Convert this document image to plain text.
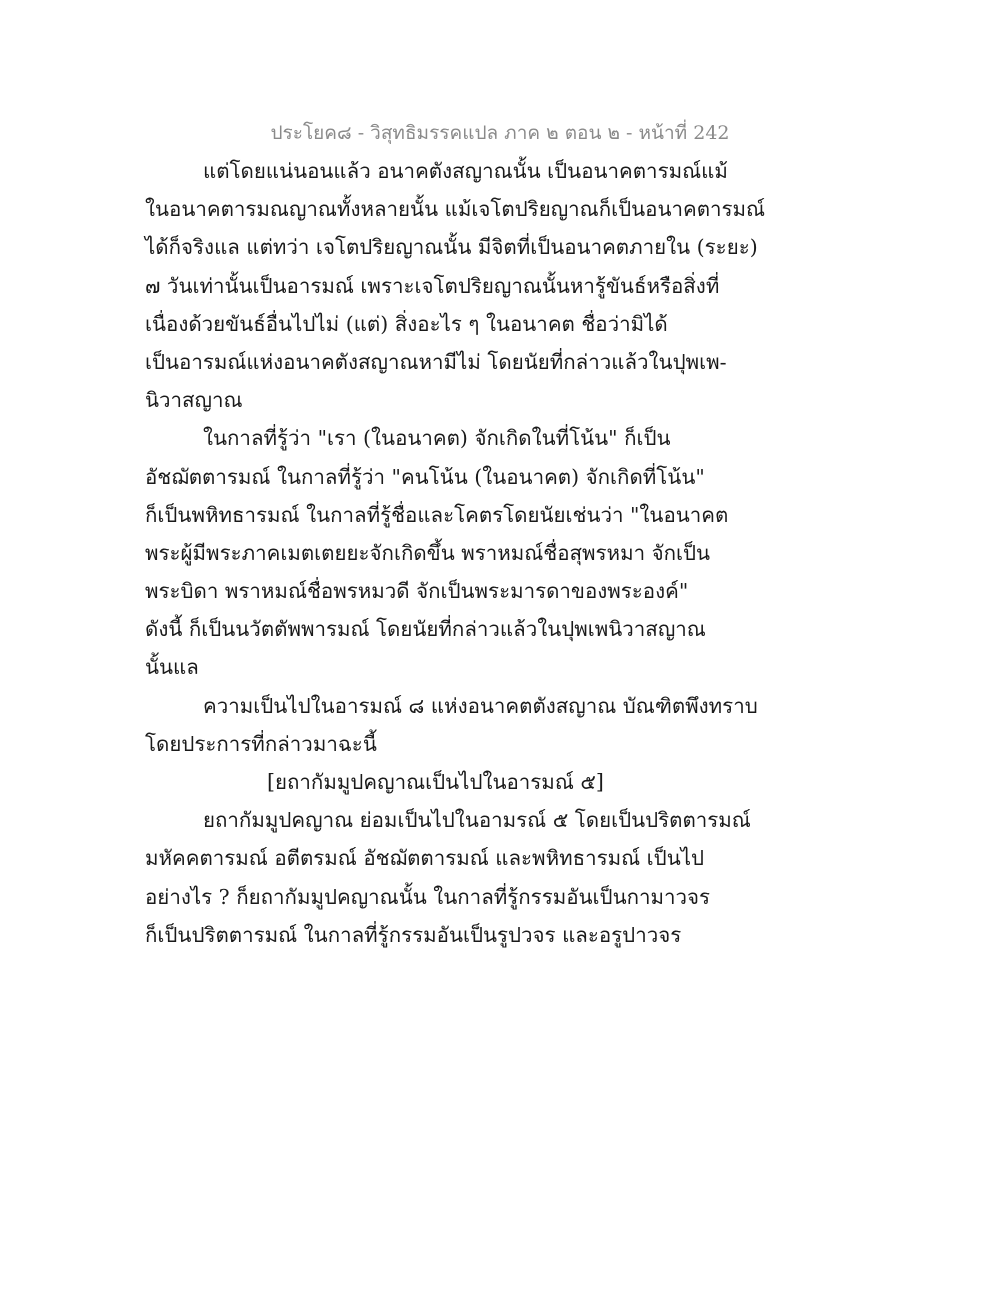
ประโยค๘ - วิสุทธิมรรคแปล ภาค ๒ ตอน ๒ - หน้าที่ 242
แต่โดยแน่นอนแล้ว อนาคตังสญาณนั้น เป็นอนาคตารมณ์แม้
ในอนาคตารมณญาณทั้งหลายนั้น แม้เจโตปริยญาณก็เป็นอนาคตารมณ์
ได้ก็จริงแล แต่ทว่า เจโตปริยญาณนั้น มีจิตที่เป็นอนาคตภายใน (ระยะ)
๗ วันเท่านั้นเป็นอารมณ์ เพราะเจโตปริยญาณนั้นหารู้ขันธ์หรือสิ่งที่
เนื่องด้วยขันธ์อื่นไปไม่ (แต่) สิ่งอะไร ๆ ในอนาคต ชื่อว่ามิได้
เป็นอารมณ์แห่งอนาคตังสญาณหามีไม่ โดยนัยที่กล่าวแล้วในปุพเพ-
นิวาสญาณ
ในกาลที่รู้ว่า "เรา (ในอนาคต) จักเกิดในที่โน้น" ก็เป็น
อัชฌัตตารมณ์ ในกาลที่รู้ว่า "คนโน้น (ในอนาคต) จักเกิดที่โน้น"
ก็เป็นพหิทธารมณ์ ในกาลที่รู้ชื่อและโคตรโดยนัยเช่นว่า "ในอนาคต
พระผู้มีพระภาคเมตเตยยะจักเกิดขึ้น พราหมณ์ชื่อสุพรหมา จักเป็น
พระบิดา พราหมณ์ชื่อพรหมวดี จักเป็นพระมารดาของพระองค์"
ดังนี้ ก็เป็นนวัตตัพพารมณ์ โดยนัยที่กล่าวแล้วในปุพเพนิวาสญาณ
นั้นแล
ความเป็นไปในอารมณ์ ๘ แห่งอนาคตตังสญาณ บัณฑิตพึงทราบ
โดยประการที่กล่าวมาฉะนี้
[ยถากัมมูปคญาณเป็นไปในอารมณ์ ๕]
ยถากัมมูปคญาณ ย่อมเป็นไปในอามรณ์ ๕ โดยเป็นปริตตารมณ์
มหัคคตารมณ์ อตีตรมณ์ อัชฌัตตารมณ์ และพหิทธารมณ์ เป็นไป
อย่างไร ? ก็ยถากัมมูปคญาณนั้น ในกาลที่รู้กรรมอันเป็นกามาวจร
ก็เป็นปริตตารมณ์ ในกาลที่รู้กรรมอันเป็นรูปวจร และอรูปาวจร
